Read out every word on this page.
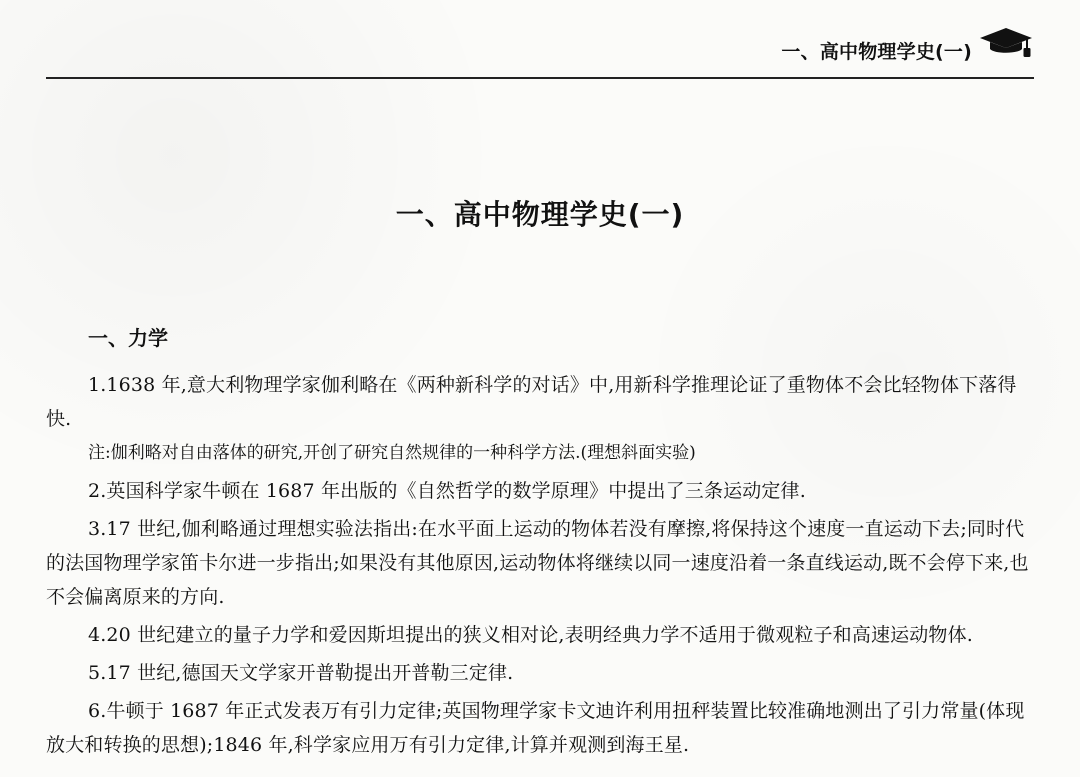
一、高中物理学史(一)
一、高中物理学史(一)
一、力学

1.1638 年,意大利物理学家伽利略在《两种新科学的对话》中,用新科学推理论证了重物体不会比轻物体下落得快.

注:伽利略对自由落体的研究,开创了研究自然规律的一种科学方法.(理想斜面实验)

2.英国科学家牛顿在 1687 年出版的《自然哲学的数学原理》中提出了三条运动定律.

3.17 世纪,伽利略通过理想实验法指出:在水平面上运动的物体若没有摩擦,将保持这个速度一直运动下去;同时代的法国物理学家笛卡尔进一步指出;如果没有其他原因,运动物体将继续以同一速度沿着一条直线运动,既不会停下来,也不会偏离原来的方向.

4.20 世纪建立的量子力学和爱因斯坦提出的狭义相对论,表明经典力学不适用于微观粒子和高速运动物体.

5.17 世纪,德国天文学家开普勒提出开普勒三定律.

6.牛顿于 1687 年正式发表万有引力定律;英国物理学家卡文迪许利用扭秤装置比较准确地测出了引力常量(体现放大和转换的思想);1846 年,科学家应用万有引力定律,计算并观测到海王星.
